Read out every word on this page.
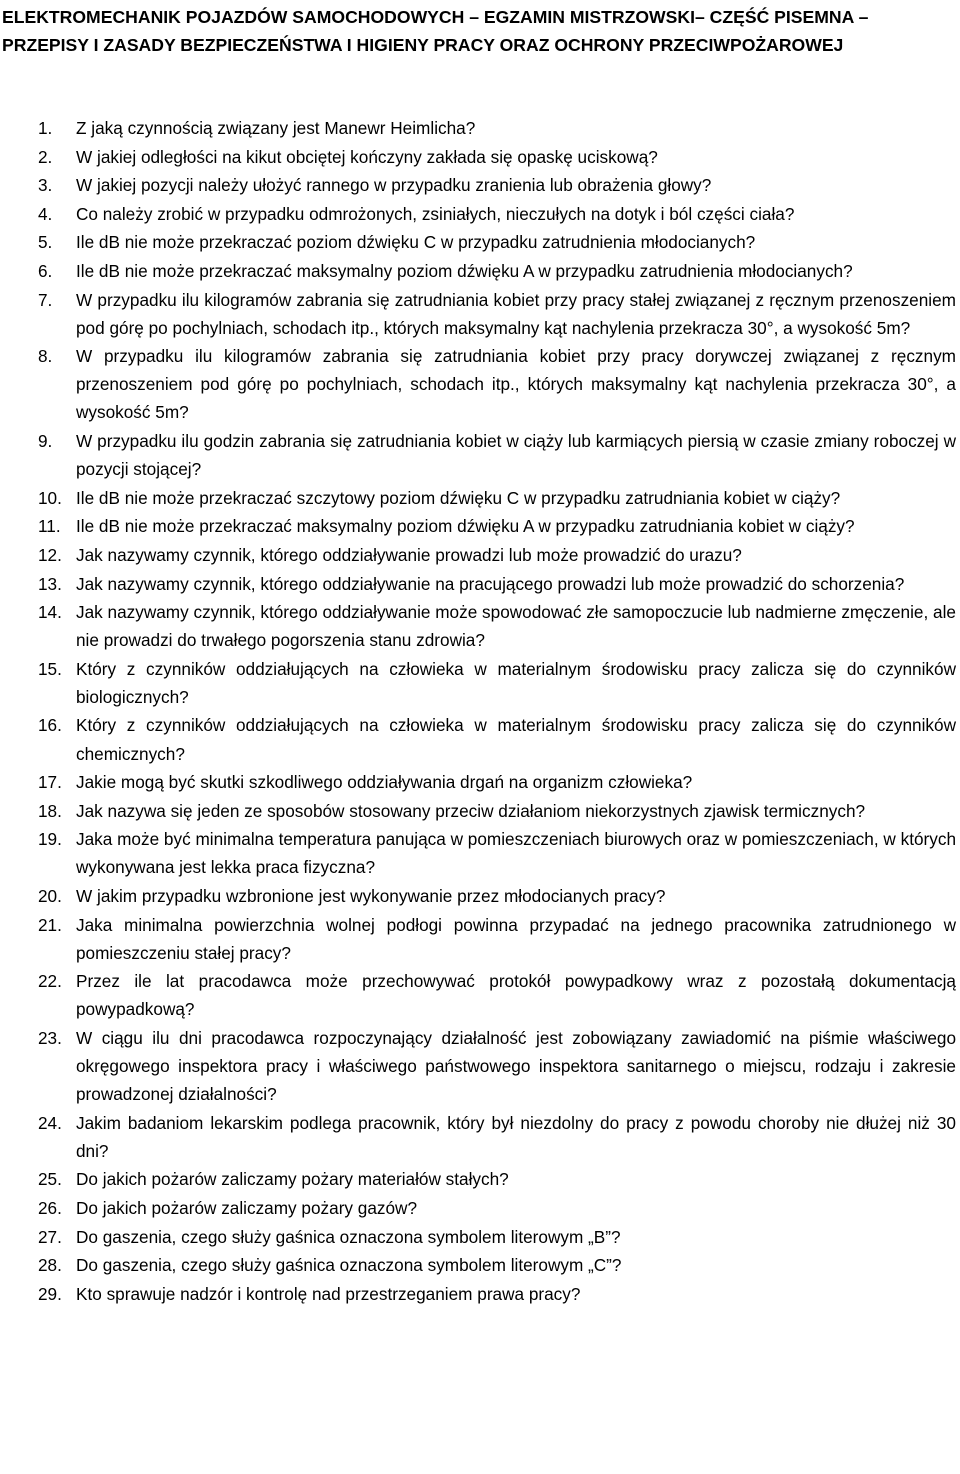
ELEKTROMECHANIK POJAZDÓW SAMOCHODOWYCH – EGZAMIN MISTRZOWSKI– CZĘŚĆ PISEMNA –
PRZEPISY I ZASADY BEZPIECZEŃSTWA I HIGIENY PRACY ORAZ OCHRONY PRZECIWPOŻAROWEJ
1.	Z jaką czynnością związany jest Manewr Heimlicha?
2.	W jakiej odległości na kikut obciętej kończyny zakłada się opaskę uciskową?
3.	W jakiej pozycji należy ułożyć rannego w przypadku zranienia lub obrażenia głowy?
4.	Co należy zrobić w przypadku odmrożonych, zsiniałych, nieczułych na dotyk i ból części ciała?
5.	Ile dB nie może przekraczać poziom dźwięku C w przypadku zatrudnienia młodocianych?
6.	Ile dB nie może przekraczać maksymalny poziom dźwięku A w przypadku zatrudnienia młodocianych?
7.	W przypadku ilu kilogramów zabrania się zatrudniania kobiet przy pracy stałej związanej z ręcznym przenoszeniem pod górę po pochylniach, schodach itp., których maksymalny kąt nachylenia przekracza 30°, a wysokość 5m?
8.	W przypadku ilu kilogramów zabrania się zatrudniania kobiet przy pracy dorywczej związanej z ręcznym przenoszeniem pod górę po pochylniach, schodach itp., których maksymalny kąt nachylenia przekracza 30°, a wysokość 5m?
9.	W przypadku ilu godzin zabrania się zatrudniania kobiet w ciąży lub karmiących piersią w czasie zmiany roboczej w pozycji stojącej?
10. Ile dB nie może przekraczać szczytowy poziom dźwięku C w przypadku zatrudniania kobiet w ciąży?
11. Ile dB nie może przekraczać maksymalny poziom dźwięku A w przypadku zatrudniania kobiet w ciąży?
12. Jak nazywamy czynnik, którego oddziaływanie prowadzi lub może prowadzić do urazu?
13. Jak nazywamy czynnik, którego oddziaływanie na pracującego prowadzi lub może prowadzić do schorzenia?
14. Jak nazywamy czynnik, którego oddziaływanie może spowodować złe samopoczucie lub nadmierne zmęczenie, ale nie prowadzi do trwałego pogorszenia stanu zdrowia?
15. Który z czynników oddziałujących na człowieka w materialnym środowisku pracy zalicza się do czynników biologicznych?
16. Który z czynników oddziałujących na człowieka w materialnym środowisku pracy zalicza się do czynników chemicznych?
17. Jakie mogą być skutki szkodliwego oddziaływania drgań na organizm człowieka?
18. Jak nazywa się jeden ze sposobów stosowany przeciw działaniom niekorzystnych zjawisk termicznych?
19. Jaka może być minimalna temperatura panująca w pomieszczeniach biurowych oraz w pomieszczeniach, w których wykonywana jest lekka praca fizyczna?
20. W jakim przypadku wzbronione jest wykonywanie przez młodocianych pracy?
21. Jaka minimalna powierzchnia wolnej podłogi powinna przypadać na jednego pracownika zatrudnionego w pomieszczeniu stałej pracy?
22. Przez ile lat pracodawca może przechowywać protokół powypadkowy wraz z pozostałą dokumentacją powypadkową?
23. W ciągu ilu dni pracodawca rozpoczynający działalność jest zobowiązany zawiadomić na piśmie właściwego okręgowego inspektora pracy i właściwego państwowego inspektora sanitarnego o miejscu, rodzaju i zakresie prowadzonej działalności?
24. Jakim badaniom lekarskim podlega pracownik, który był niezdolny do pracy z powodu choroby nie dłużej niż 30 dni?
25. Do jakich pożarów zaliczamy pożary materiałów stałych?
26. Do jakich pożarów zaliczamy pożary gazów?
27. Do gaszenia, czego służy gaśnica oznaczona symbolem literowym „B”?
28. Do gaszenia, czego służy gaśnica oznaczona symbolem literowym „C”?
29. Kto sprawuje nadzór i kontrolę nad przestrzeganiem prawa pracy?
